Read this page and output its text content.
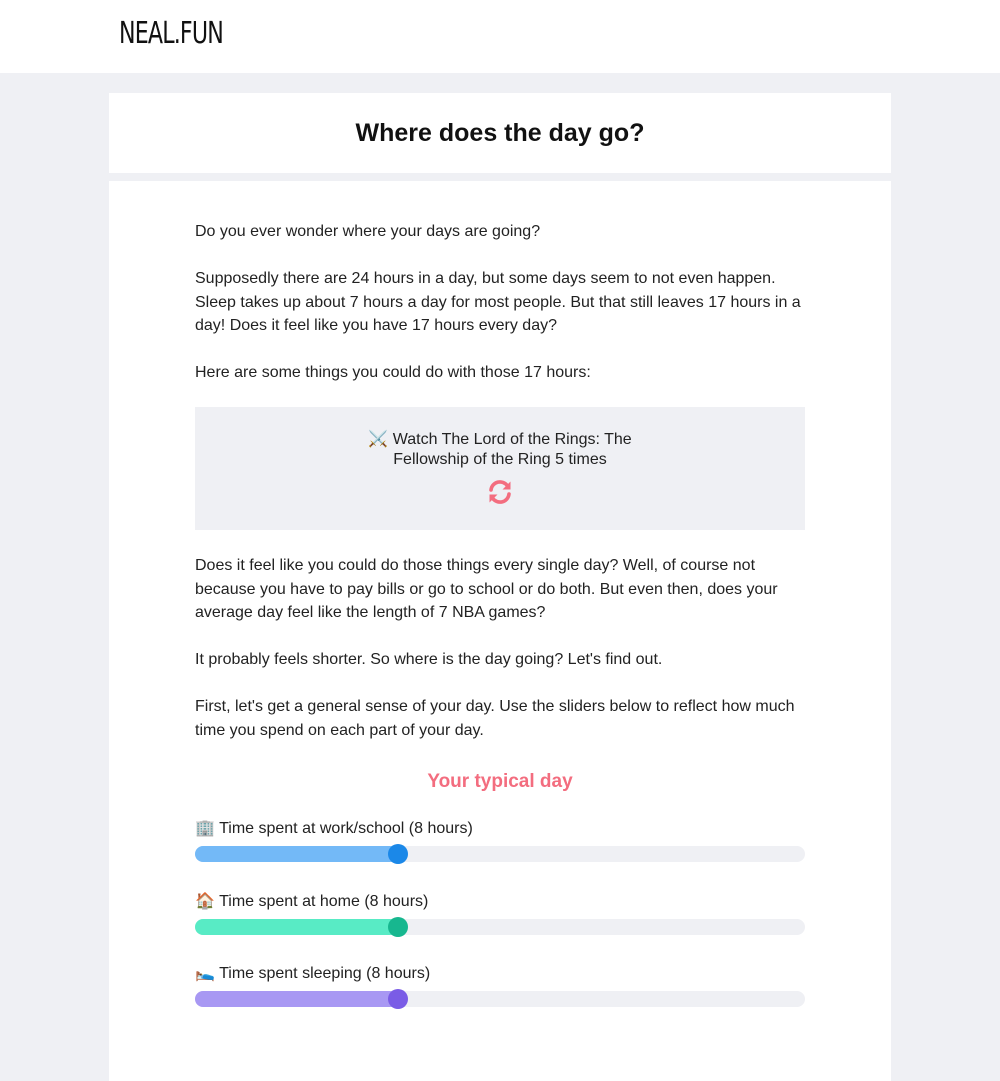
NEAL.FUN
Where does the day go?

Do you ever wonder where your days are going?

Supposedly there are 24 hours in a day, but some days seem to not even happen. Sleep takes up about 7 hours a day for most people. But that still leaves 17 hours in a day! Does it feel like you have 17 hours every day?

Here are some things you could do with those 17 hours:

⚔️ Watch The Lord of the Rings: The Fellowship of the Ring 5 times

Does it feel like you could do those things every single day? Well, of course not because you have to pay bills or go to school or do both. But even then, does your average day feel like the length of 7 NBA games?

It probably feels shorter. So where is the day going? Let's find out.

First, let's get a general sense of your day. Use the sliders below to reflect how much time you spend on each part of your day.

Your typical day
🏢 Time spent at work/school (8 hours)
🏠 Time spent at home (8 hours)
🛌 Time spent sleeping (8 hours)
